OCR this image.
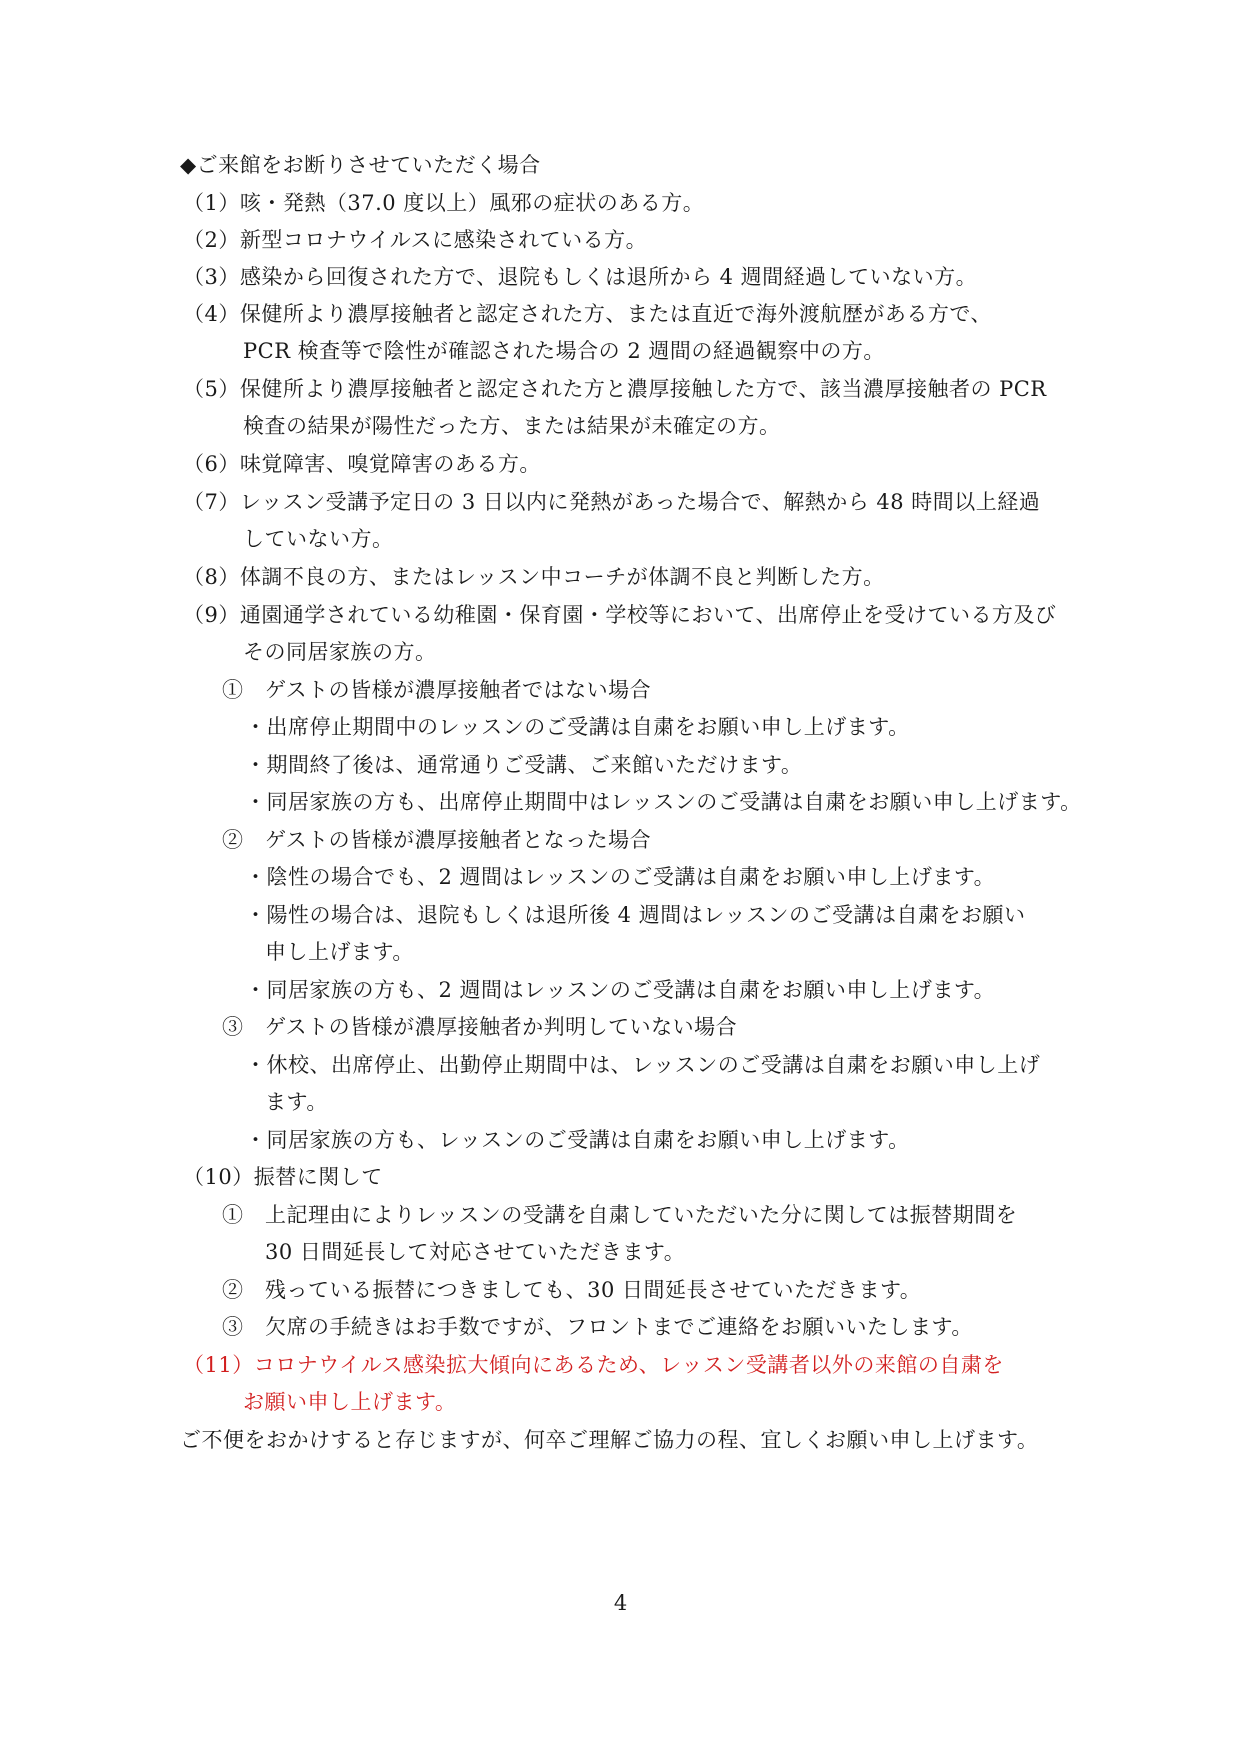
◆ご来館をお断りさせていただく場合
（1）咳・発熱（37.0 度以上）風邪の症状のある方。
（2）新型コロナウイルスに感染されている方。
（3）感染から回復された方で、退院もしくは退所から 4 週間経過していない方。
（4）保健所より濃厚接触者と認定された方、または直近で海外渡航歴がある方で、
PCR 検査等で陰性が確認された場合の 2 週間の経過観察中の方。
（5）保健所より濃厚接触者と認定された方と濃厚接触した方で、該当濃厚接触者の PCR
検査の結果が陽性だった方、または結果が未確定の方。
（6）味覚障害、嗅覚障害のある方。
（7）レッスン受講予定日の 3 日以内に発熱があった場合で、解熱から 48 時間以上経過
していない方。
（8）体調不良の方、またはレッスン中コーチが体調不良と判断した方。
（9）通園通学されている幼稚園・保育園・学校等において、出席停止を受けている方及び
その同居家族の方。
①　ゲストの皆様が濃厚接触者ではない場合
・出席停止期間中のレッスンのご受講は自粛をお願い申し上げます。
・期間終了後は、通常通りご受講、ご来館いただけます。
・同居家族の方も、出席停止期間中はレッスンのご受講は自粛をお願い申し上げます。
②　ゲストの皆様が濃厚接触者となった場合
・陰性の場合でも、2 週間はレッスンのご受講は自粛をお願い申し上げます。
・陽性の場合は、退院もしくは退所後 4 週間はレッスンのご受講は自粛をお願い
申し上げます。
・同居家族の方も、2 週間はレッスンのご受講は自粛をお願い申し上げます。
③　ゲストの皆様が濃厚接触者か判明していない場合
・休校、出席停止、出勤停止期間中は、レッスンのご受講は自粛をお願い申し上げ
ます。
・同居家族の方も、レッスンのご受講は自粛をお願い申し上げます。
（10）振替に関して
①　上記理由によりレッスンの受講を自粛していただいた分に関しては振替期間を
30 日間延長して対応させていただきます。
②　残っている振替につきましても、30 日間延長させていただきます。
③　欠席の手続きはお手数ですが、フロントまでご連絡をお願いいたします。
（11）コロナウイルス感染拡大傾向にあるため、レッスン受講者以外の来館の自粛を
お願い申し上げます。
ご不便をおかけすると存じますが、何卒ご理解ご協力の程、宜しくお願い申し上げます。
4
